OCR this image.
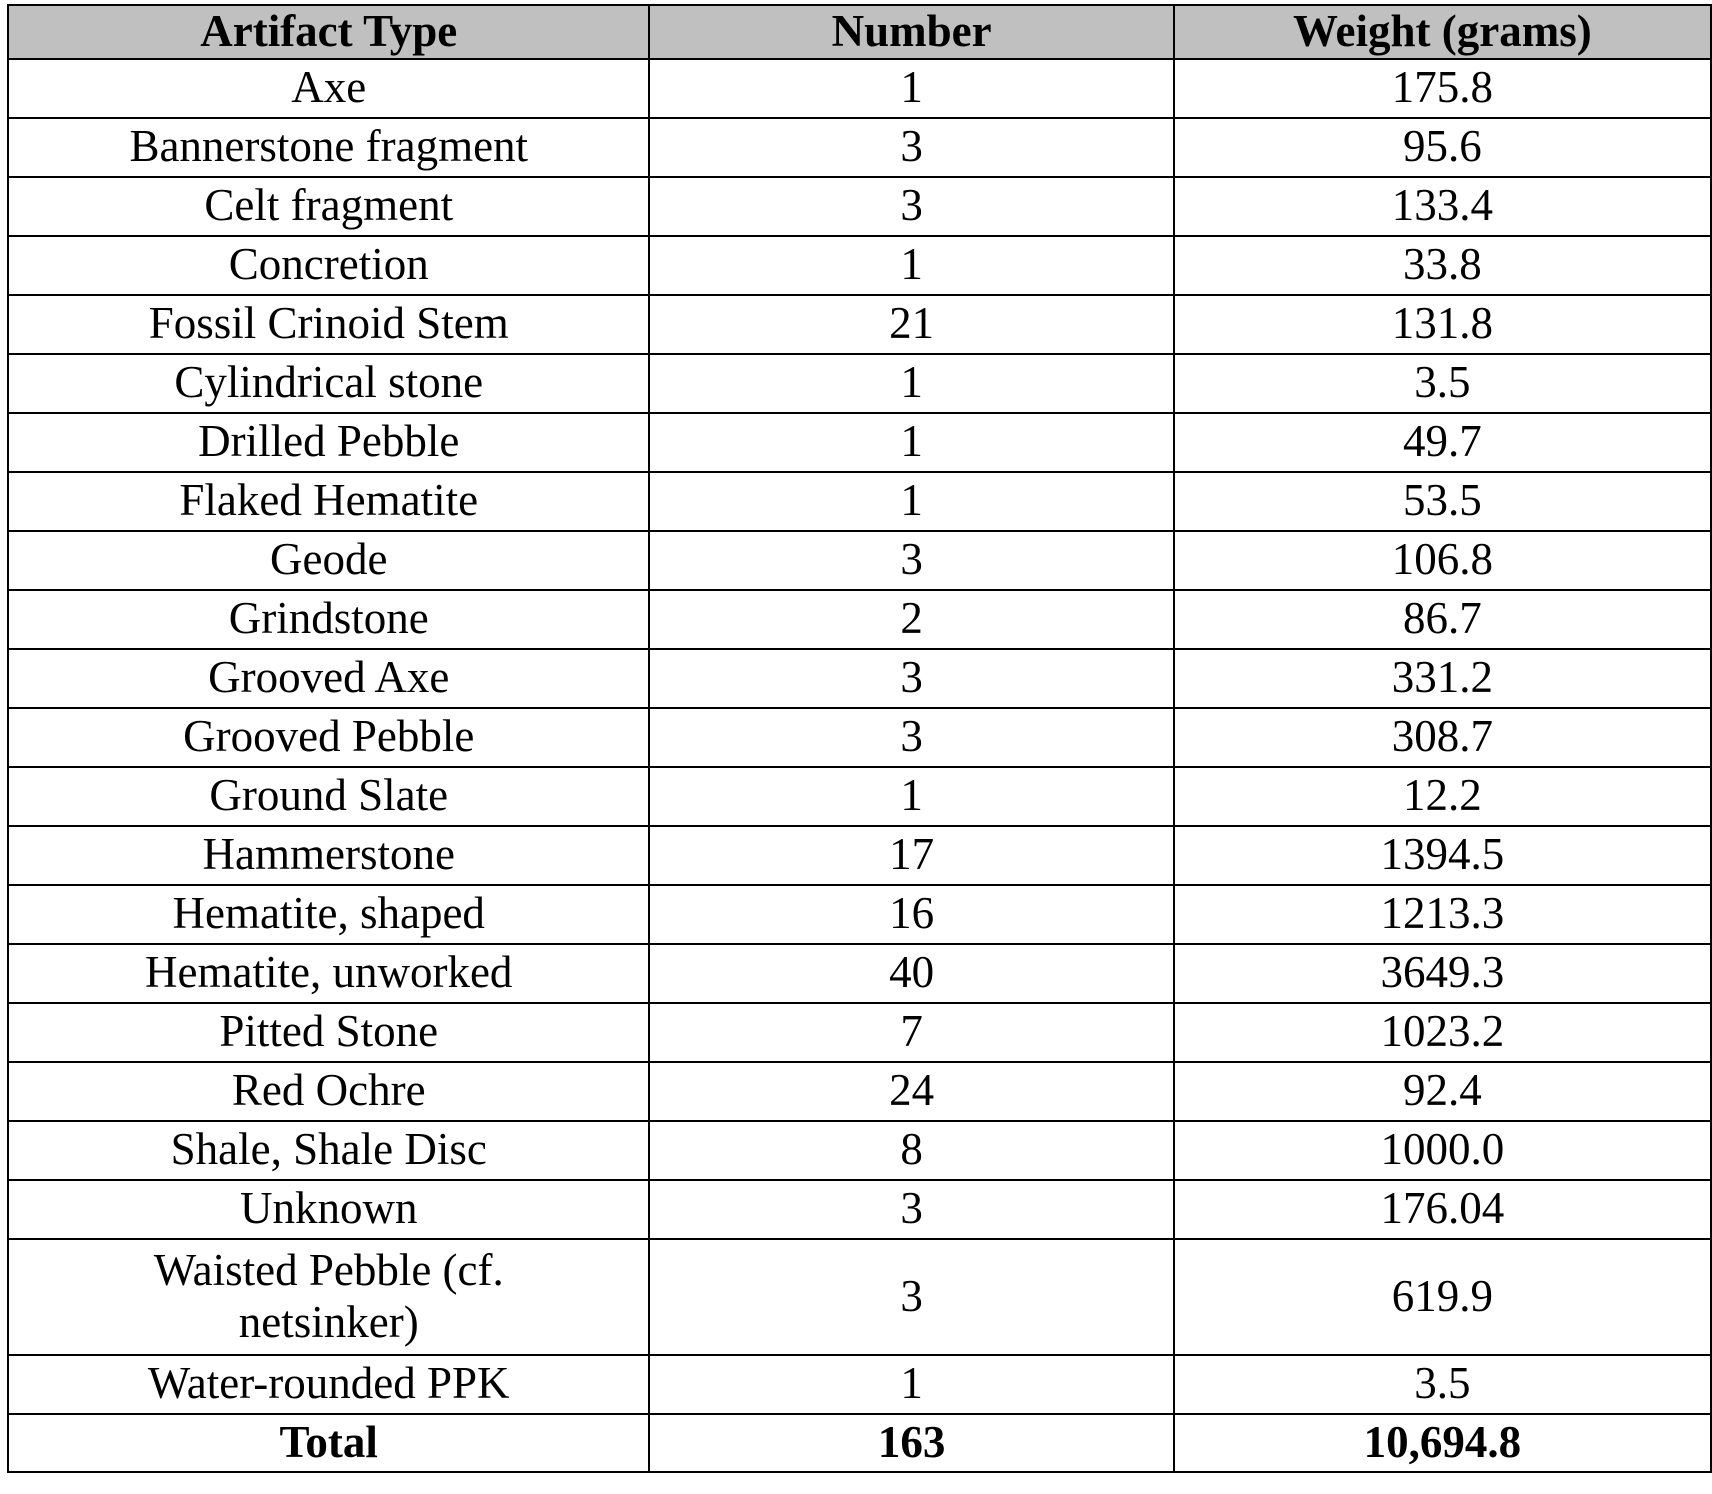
Artifact Type	Number	Weight (grams)
Axe	1	175.8
Bannerstone fragment	3	95.6
Celt fragment	3	133.4
Concretion	1	33.8
Fossil Crinoid Stem	21	131.8
Cylindrical stone	1	3.5
Drilled Pebble	1	49.7
Flaked Hematite	1	53.5
Geode	3	106.8
Grindstone	2	86.7
Grooved Axe	3	331.2
Grooved Pebble	3	308.7
Ground Slate	1	12.2
Hammerstone	17	1394.5
Hematite, shaped	16	1213.3
Hematite, unworked	40	3649.3
Pitted Stone	7	1023.2
Red Ochre	24	92.4
Shale, Shale Disc	8	1000.0
Unknown	3	176.04
Waisted Pebble (cf. netsinker)	3	619.9
Water-rounded PPK	1	3.5
Total	163	10,694.8
